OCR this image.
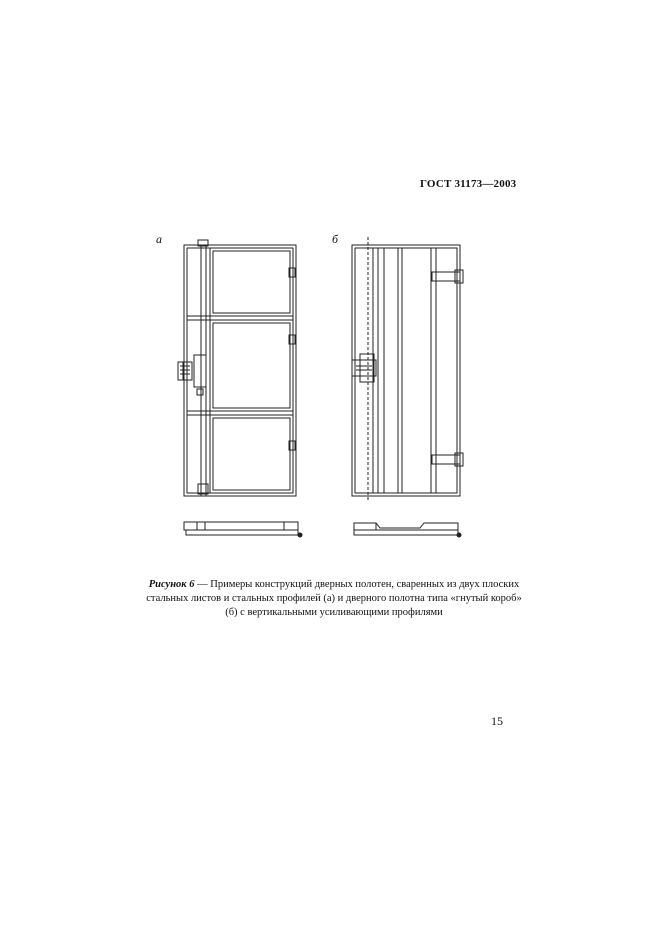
ГОСТ 31173—2003
а	б
Рисунок 6 — Примеры конструкций дверных полотен, сваренных из двух плоских стальных листов и стальных профилей (а) и дверного полотна типа «гнутый короб» (б) с вертикальными усиливающими профилями
15
